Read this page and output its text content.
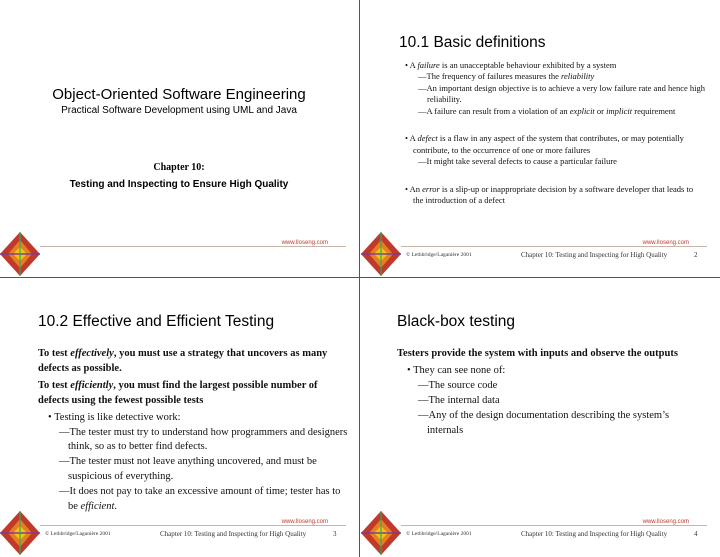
Object-Oriented Software Engineering
Practical Software Development using UML and Java
Chapter 10:
Testing and Inspecting to Ensure High Quality
www.lloseng.com
10.1 Basic definitions
• A failure is an unacceptable behaviour exhibited by a system
—The frequency of failures measures the reliability
—An important design objective is to achieve a very low failure rate and hence high reliability.
—A failure can result from a violation of an explicit or implicit requirement
• A defect is a flaw in any aspect of the system that contributes, or may potentially contribute, to the occurrence of one or more failures
—It might take several defects to cause a particular failure
• An error is a slip-up or inappropriate decision by a software developer that leads to the introduction of a defect
www.lloseng.com
© Lethbridge/Laganière 2001	Chapter 10: Testing and Inspecting for High Quality	2
10.2 Effective and Efficient Testing
To test effectively, you must use a strategy that uncovers as many defects as possible.
To test efficiently, you must find the largest possible number of defects using the fewest possible tests
• Testing is like detective work:
—The tester must try to understand how programmers and designers think, so as to better find defects.
—The tester must not leave anything uncovered, and must be suspicious of everything.
—It does not pay to take an excessive amount of time; tester has to be efficient.
www.lloseng.com
© Lethbridge/Laganière 2001	Chapter 10: Testing and Inspecting for High Quality	3
Black-box testing
Testers provide the system with inputs and observe the outputs
• They can see none of:
—The source code
—The internal data
—Any of the design documentation describing the system’s internals
www.lloseng.com
© Lethbridge/Laganière 2001	Chapter 10: Testing and Inspecting for High Quality	4
